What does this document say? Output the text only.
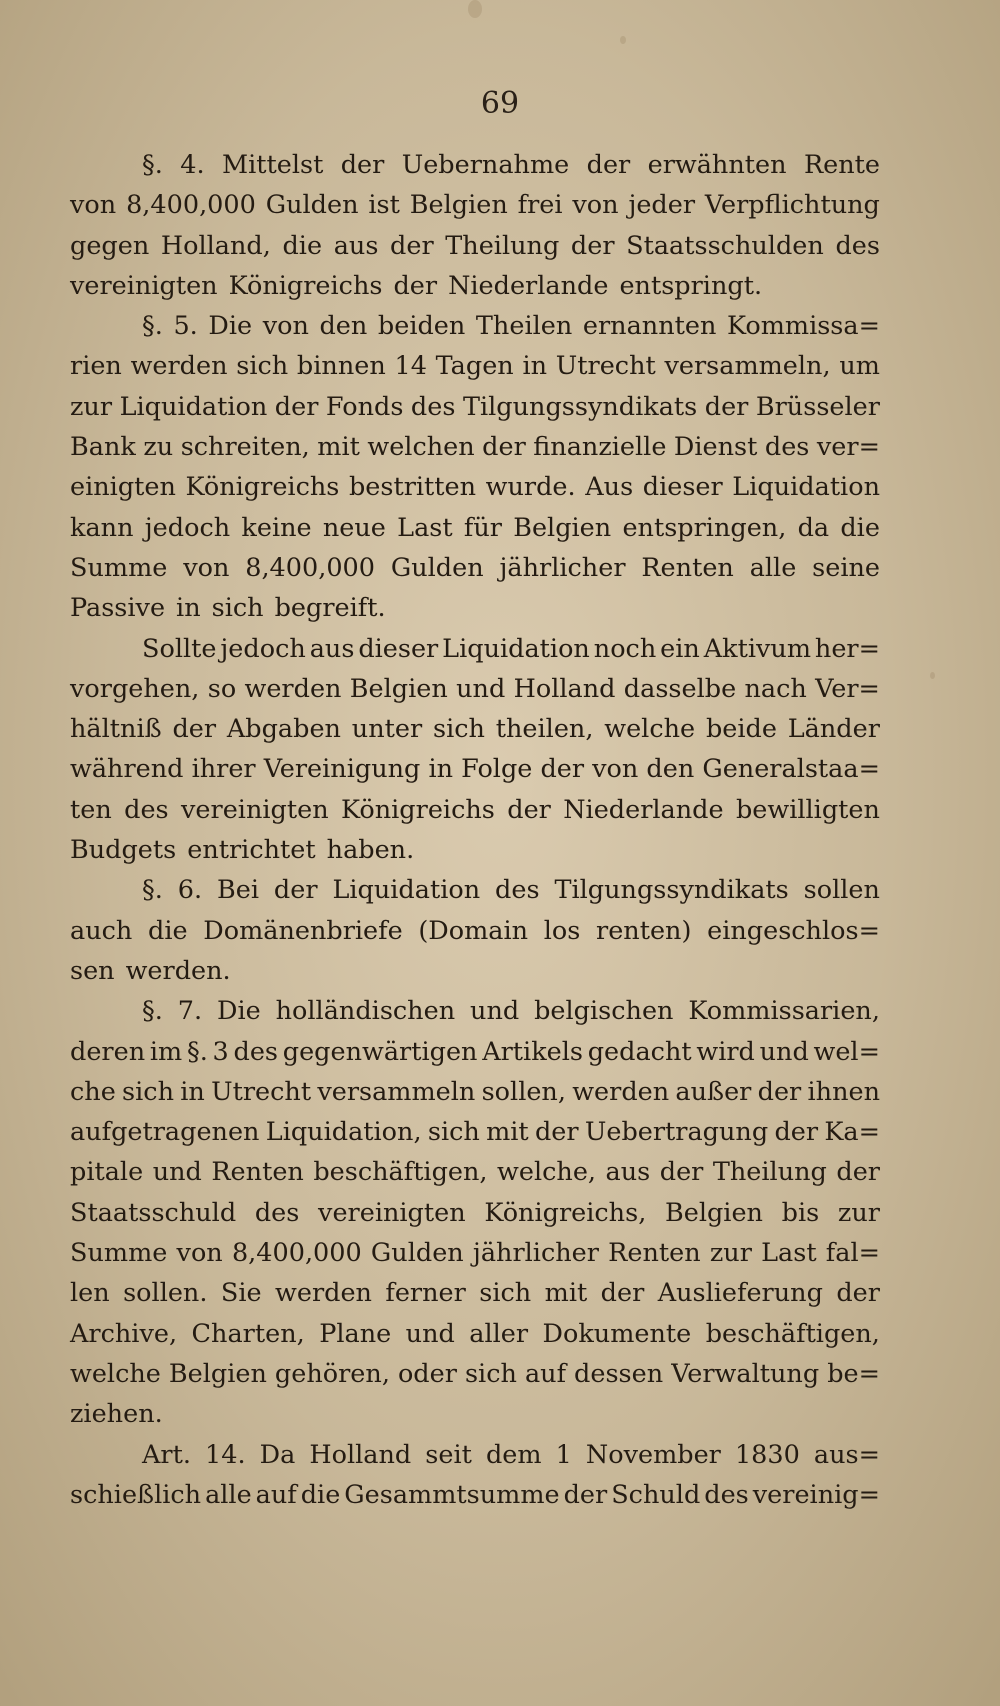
69
§. 4. Mittelst der Uebernahme der erwähnten Rente
von 8,400,000 Gulden ist Belgien frei von jeder Verpflichtung
gegen Holland, die aus der Theilung der Staatsschulden des
vereinigten Königreichs der Niederlande entspringt.
§. 5. Die von den beiden Theilen ernannten Kommissa=
rien werden sich binnen 14 Tagen in Utrecht versammeln, um
zur Liquidation der Fonds des Tilgungssyndikats der Brüsseler
Bank zu schreiten, mit welchen der finanzielle Dienst des ver=
einigten Königreichs bestritten wurde. Aus dieser Liquidation
kann jedoch keine neue Last für Belgien entspringen, da die
Summe von 8,400,000 Gulden jährlicher Renten alle seine
Passive in sich begreift.
Sollte jedoch aus dieser Liquidation noch ein Aktivum her=
vorgehen, so werden Belgien und Holland dasselbe nach Ver=
hältniß der Abgaben unter sich theilen, welche beide Länder
während ihrer Vereinigung in Folge der von den Generalstaa=
ten des vereinigten Königreichs der Niederlande bewilligten
Budgets entrichtet haben.
§. 6. Bei der Liquidation des Tilgungssyndikats sollen
auch die Domänenbriefe (Domain los renten) eingeschlos=
sen werden.
§. 7. Die holländischen und belgischen Kommissarien,
deren im §. 3 des gegenwärtigen Artikels gedacht wird und wel=
che sich in Utrecht versammeln sollen, werden außer der ihnen
aufgetragenen Liquidation, sich mit der Uebertragung der Ka=
pitale und Renten beschäftigen, welche, aus der Theilung der
Staatsschuld des vereinigten Königreichs, Belgien bis zur
Summe von 8,400,000 Gulden jährlicher Renten zur Last fal=
len sollen. Sie werden ferner sich mit der Auslieferung der
Archive, Charten, Plane und aller Dokumente beschäftigen,
welche Belgien gehören, oder sich auf dessen Verwaltung be=
ziehen.
Art. 14. Da Holland seit dem 1 November 1830 aus=
schießlich alle auf die Gesammtsumme der Schuld des vereinig=
